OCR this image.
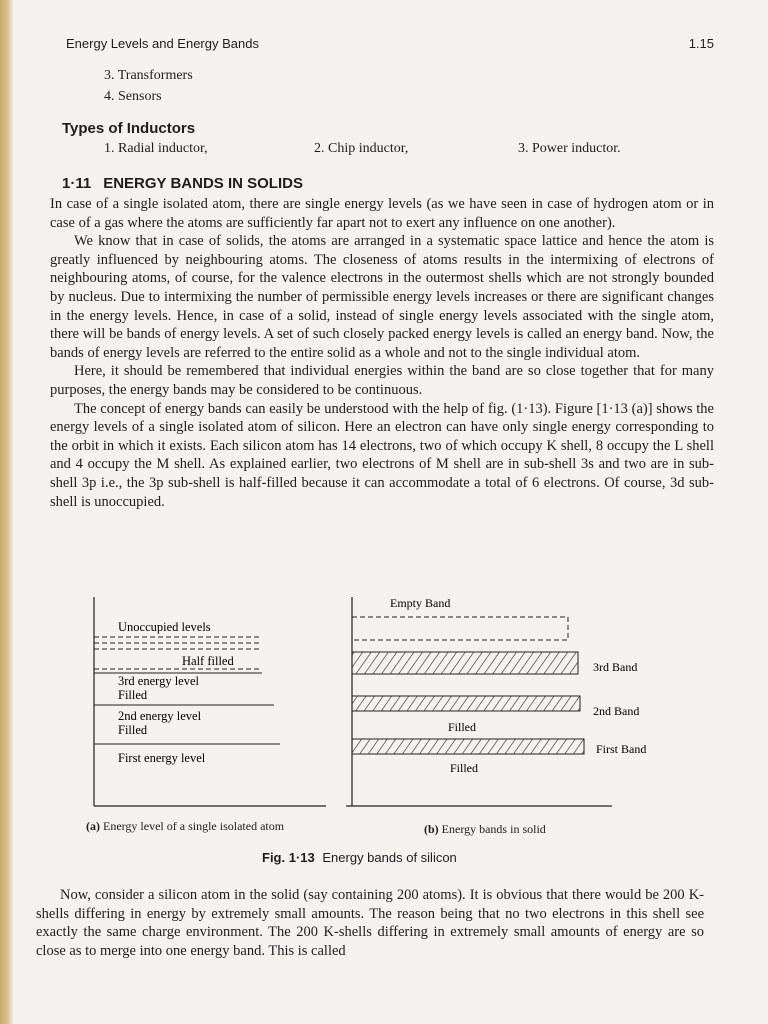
Energy Levels and Energy Bands	1.15
3. Transformers
4. Sensors
Types of Inductors
1. Radial inductor,	2. Chip inductor,	3. Power inductor.
1·11 ENERGY BANDS IN SOLIDS

In case of a single isolated atom, there are single energy levels (as we have seen in case of hydrogen atom or in case of a gas where the atoms are sufficiently far apart not to exert any influence on one another).

We know that in case of solids, the atoms are arranged in a systematic space lattice and hence the atom is greatly influenced by neighbouring atoms. The closeness of atoms results in the intermixing of electrons of neighbouring atoms, of course, for the valence electrons in the outermost shells which are not strongly bounded by nucleus. Due to intermixing the number of permissible energy levels increases or there are significant changes in the energy levels. Hence, in case of a solid, instead of single energy levels associated with the single atom, there will be bands of energy levels. A set of such closely packed energy levels is called an energy band. Now, the bands of energy levels are referred to the entire solid as a whole and not to the single individual atom.

Here, it should be remembered that individual energies within the band are so close together that for many purposes, the energy bands may be considered to be continuous.

The concept of energy bands can easily be understood with the help of fig. (1·13). Figure [1·13 (a)] shows the energy levels of a single isolated atom of silicon. Here an electron can have only single energy corresponding to the orbit in which it exists. Each silicon atom has 14 electrons, two of which occupy K shell, 8 occupy the L shell and 4 occupy the M shell. As explained earlier, two electrons of M shell are in sub-shell 3s and two are in sub-shell 3p i.e., the 3p sub-shell is half-filled because it can accommodate a total of 6 electrons. Of course, 3d sub-shell is unoccupied.

Unoccupied levels
Half filled
3rd energy level
Filled
2nd energy level
Filled
First energy level
Empty Band
3rd Band
2nd Band
Filled
First Band
Filled
(a) Energy level of a single isolated atom	(b) Energy bands in solid
Fig. 1·13 Energy bands of silicon

Now, consider a silicon atom in the solid (say containing 200 atoms). It is obvious that there would be 200 K-shells differing in energy by extremely small amounts. The reason being that no two electrons in this shell see exactly the same charge environment. The 200 K-shells differing in extremely small amounts of energy are so close as to merge into one energy band. This is called
